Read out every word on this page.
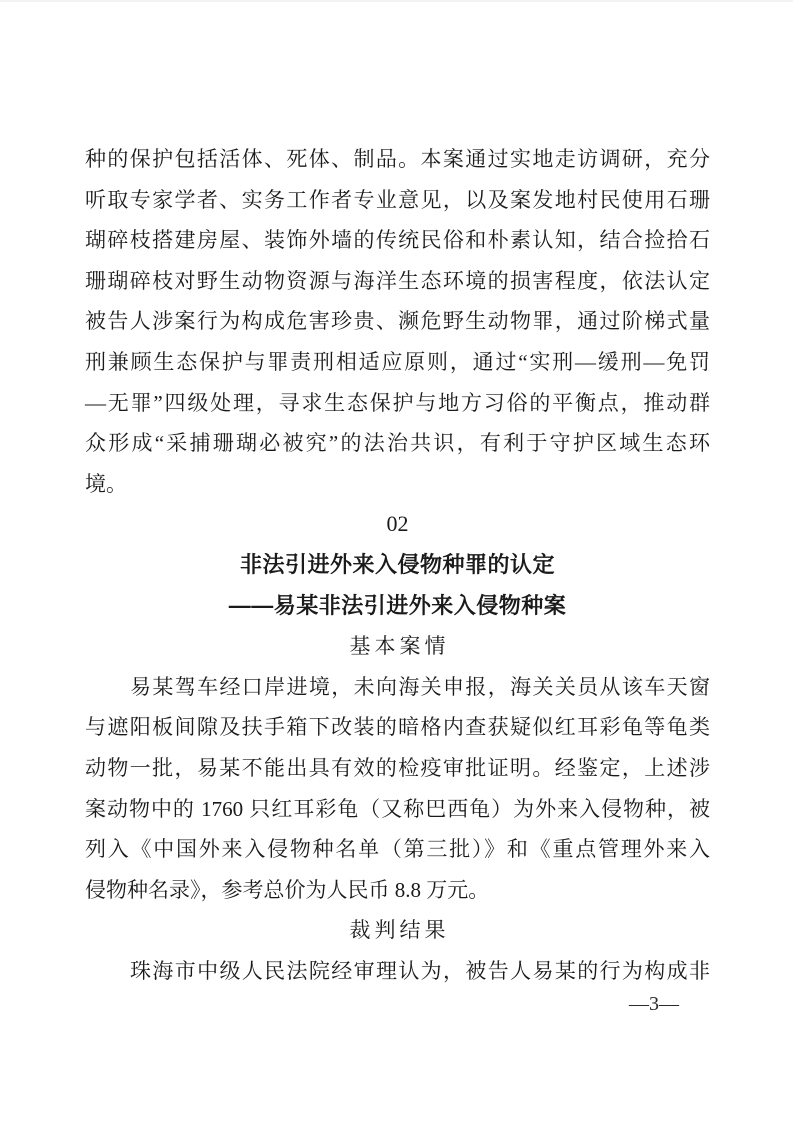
种的保护包括活体、死体、制品。本案通过实地走访调研，充分
听取专家学者、实务工作者专业意见，以及案发地村民使用石珊
瑚碎枝搭建房屋、装饰外墙的传统民俗和朴素认知，结合捡拾石
珊瑚碎枝对野生动物资源与海洋生态环境的损害程度，依法认定
被告人涉案行为构成危害珍贵、濒危野生动物罪，通过阶梯式量
刑兼顾生态保护与罪责刑相适应原则，通过“实刑—缓刑—免罚
—无罪”四级处理，寻求生态保护与地方习俗的平衡点，推动群
众形成“采捕珊瑚必被究”的法治共识，有利于守护区域生态环
境。
02
非法引进外来入侵物种罪的认定
——易某非法引进外来入侵物种案
基本案情
易某驾车经口岸进境，未向海关申报，海关关员从该车天窗
与遮阳板间隙及扶手箱下改装的暗格内查获疑似红耳彩龟等龟类
动物一批，易某不能出具有效的检疫审批证明。经鉴定，上述涉
案动物中的 1760 只红耳彩龟（又称巴西龟）为外来入侵物种，被
列入《中国外来入侵物种名单（第三批）》和《重点管理外来入
侵物种名录》，参考总价为人民币 8.8 万元。
裁判结果
珠海市中级人民法院经审理认为，被告人易某的行为构成非
—3—
